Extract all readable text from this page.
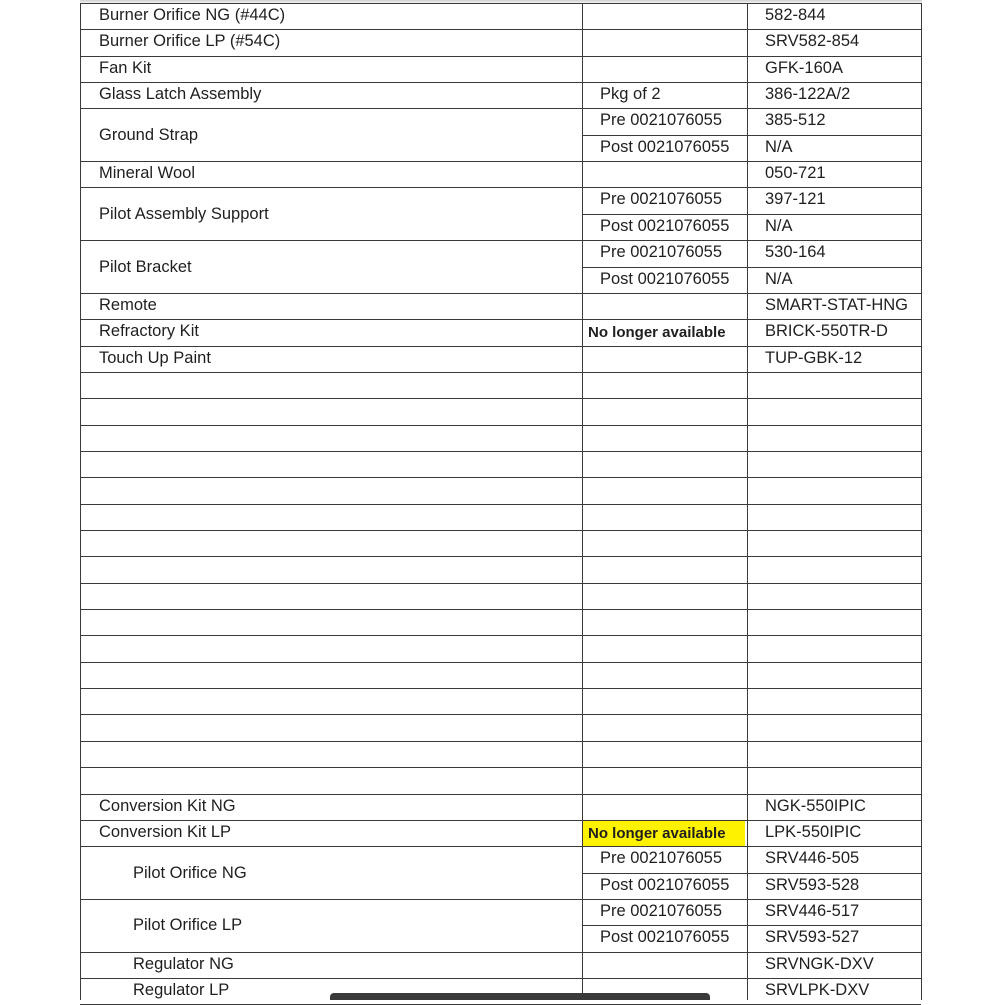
Burner Orifice NG (#44C)	582-844
Burner Orifice LP (#54C)	SRV582-854
Fan Kit	GFK-160A
Glass Latch Assembly	Pkg of 2	386-122A/2
Ground Strap
Pre 0021076055	385-512
Post 0021076055 N/A
Mineral Wool	050-721
Pilot Assembly Support
Pre 0021076055	397-121
Post 0021076055 N/A
Pilot Bracket
Pre 0021076055	530-164
Post 0021076055 N/A
Remote	SMART-STAT-HNG
Refractory Kit	No longer available BRICK-550TR-D
Touch Up Paint	TUP-GBK-12
Conversion Kit NG	NGK-550IPIC
Conversion Kit LP	No longer available LPK-550IPIC
Pilot Orifice NG
Pre 0021076055	SRV446-505
Post 0021076055 SRV593-528
Pilot Orifice LP
Pre 0021076055	SRV446-517
Post 0021076055 SRV593-527
Regulator NG	SRVNGK-DXV
Regulator LP	SRVLPK-DXV
